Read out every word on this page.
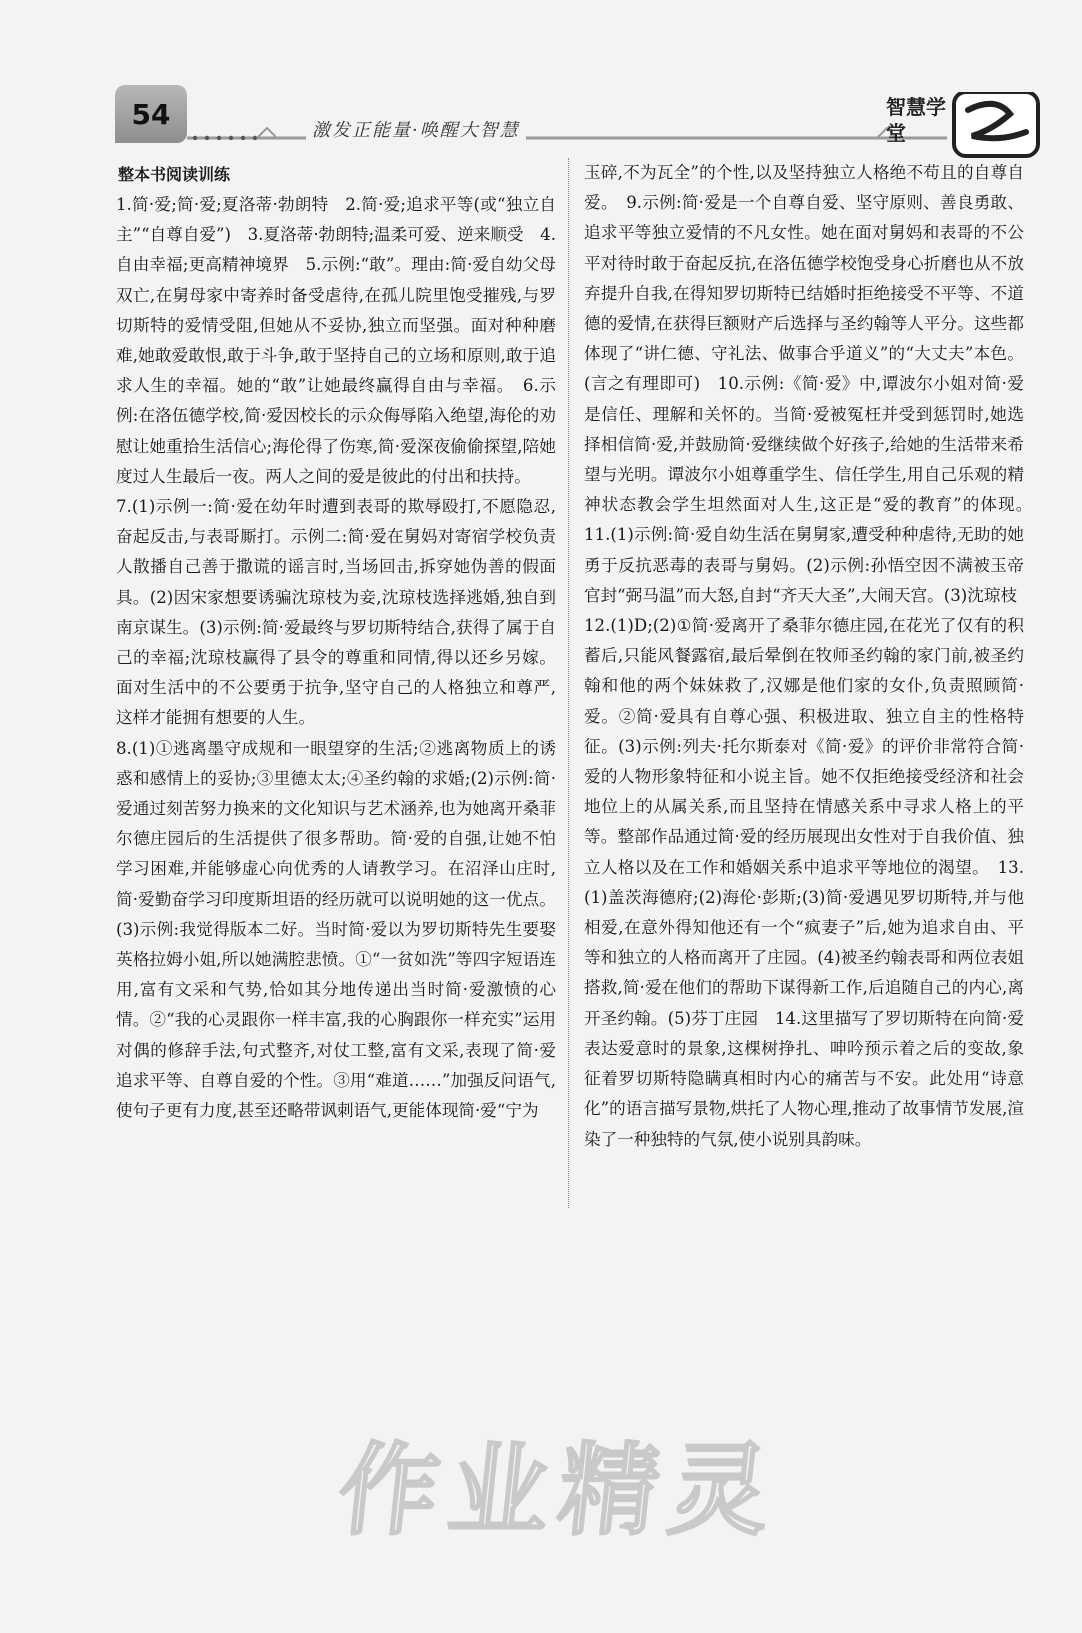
54	激发正能量·唤醒大智慧
智慧学堂
整本书阅读训练

1.简·爱;简·爱;夏洛蒂·勃朗特　2.简·爱;追求平等(或“独立自主”“自尊自爱”)　3.夏洛蒂·勃朗特;温柔可爱、逆来顺受　4.自由幸福;更高精神境界　5.示例:“敢”。理由:简·爱自幼父母双亡,在舅母家中寄养时备受虐待,在孤儿院里饱受摧残,与罗切斯特的爱情受阻,但她从不妥协,独立而坚强。面对种种磨难,她敢爱敢恨,敢于斗争,敢于坚持自己的立场和原则,敢于追求人生的幸福。她的“敢”让她最终赢得自由与幸福。　6.示例:在洛伍德学校,简·爱因校长的示众侮辱陷入绝望,海伦的劝慰让她重拾生活信心;海伦得了伤寒,简·爱深夜偷偷探望,陪她度过人生最后一夜。两人之间的爱是彼此的付出和扶持。

7.(1)示例一:简·爱在幼年时遭到表哥的欺辱殴打,不愿隐忍,奋起反击,与表哥厮打。示例二:简·爱在舅妈对寄宿学校负责人散播自己善于撒谎的谣言时,当场回击,拆穿她伪善的假面具。(2)因宋家想要诱骗沈琼枝为妾,沈琼枝选择逃婚,独自到南京谋生。(3)示例:简·爱最终与罗切斯特结合,获得了属于自己的幸福;沈琼枝赢得了县令的尊重和同情,得以还乡另嫁。面对生活中的不公要勇于抗争,坚守自己的人格独立和尊严,这样才能拥有想要的人生。

8.(1)①逃离墨守成规和一眼望穿的生活;②逃离物质上的诱惑和感情上的妥协;③里德太太;④圣约翰的求婚;(2)示例:简·爱通过刻苦努力换来的文化知识与艺术涵养,也为她离开桑菲尔德庄园后的生活提供了很多帮助。简·爱的自强,让她不怕学习困难,并能够虚心向优秀的人请教学习。在沼泽山庄时,简·爱勤奋学习印度斯坦语的经历就可以说明她的这一优点。(3)示例:我觉得版本二好。当时简·爱以为罗切斯特先生要娶英格拉姆小姐,所以她满腔悲愤。①“一贫如洗”等四字短语连用,富有文采和气势,恰如其分地传递出当时简·爱激愤的心情。②“我的心灵跟你一样丰富,我的心胸跟你一样充实”运用对偶的修辞手法,句式整齐,对仗工整,富有文采,表现了简·爱追求平等、自尊自爱的个性。③用“难道……”加强反问语气,使句子更有力度,甚至还略带讽刺语气,更能体现简·爱“宁为

玉碎,不为瓦全”的个性,以及坚持独立人格绝不苟且的自尊自爱。　9.示例:简·爱是一个自尊自爱、坚守原则、善良勇敢、追求平等独立爱情的不凡女性。她在面对舅妈和表哥的不公平对待时敢于奋起反抗,在洛伍德学校饱受身心折磨也从不放弃提升自我,在得知罗切斯特已结婚时拒绝接受不平等、不道德的爱情,在获得巨额财产后选择与圣约翰等人平分。这些都体现了“讲仁德、守礼法、做事合乎道义”的“大丈夫”本色。(言之有理即可)　10.示例:《简·爱》中,谭波尔小姐对简·爱是信任、理解和关怀的。当简·爱被冤枉并受到惩罚时,她选择相信简·爱,并鼓励简·爱继续做个好孩子,给她的生活带来希望与光明。谭波尔小姐尊重学生、信任学生,用自己乐观的精神状态教会学生坦然面对人生,这正是“爱的教育”的体现。　11.(1)示例:简·爱自幼生活在舅舅家,遭受种种虐待,无助的她勇于反抗恶毒的表哥与舅妈。(2)示例:孙悟空因不满被玉帝官封“弼马温”而大怒,自封“齐天大圣”,大闹天宫。(3)沈琼枝

12.(1)D;(2)①简·爱离开了桑菲尔德庄园,在花光了仅有的积蓄后,只能风餐露宿,最后晕倒在牧师圣约翰的家门前,被圣约翰和他的两个妹妹救了,汉娜是他们家的女仆,负责照顾简·爱。②简·爱具有自尊心强、积极进取、独立自主的性格特征。(3)示例:列夫·托尔斯泰对《简·爱》的评价非常符合简·爱的人物形象特征和小说主旨。她不仅拒绝接受经济和社会地位上的从属关系,而且坚持在情感关系中寻求人格上的平等。整部作品通过简·爱的经历展现出女性对于自我价值、独立人格以及在工作和婚姻关系中追求平等地位的渴望。　13.(1)盖茨海德府;(2)海伦·彭斯;(3)简·爱遇见罗切斯特,并与他相爱,在意外得知他还有一个“疯妻子”后,她为追求自由、平等和独立的人格而离开了庄园。(4)被圣约翰表哥和两位表姐搭救,简·爱在他们的帮助下谋得新工作,后追随自己的内心,离开圣约翰。(5)芬丁庄园　14.这里描写了罗切斯特在向简·爱表达爱意时的景象,这棵树挣扎、呻吟预示着之后的变故,象征着罗切斯特隐瞒真相时内心的痛苦与不安。此处用“诗意化”的语言描写景物,烘托了人物心理,推动了故事情节发展,渲染了一种独特的气氛,使小说别具韵味。

作业精灵
